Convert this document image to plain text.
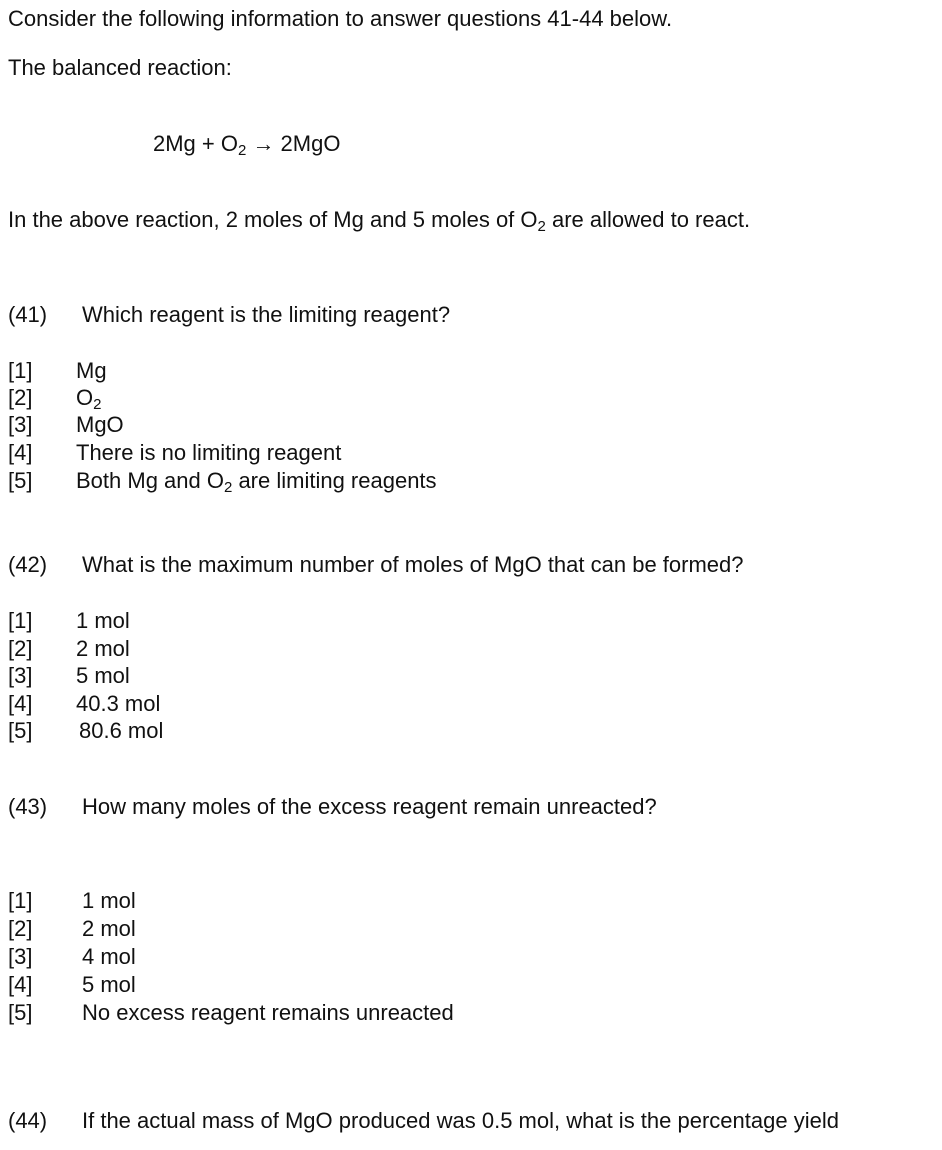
Consider the following information to answer questions 41-44 below.
The balanced reaction:
2Mg + O2 → 2MgO
In the above reaction, 2 moles of Mg and 5 moles of O2 are allowed to react.
(41) Which reagent is the limiting reagent?
[1] Mg
[2] O2
[3] MgO
[4] There is no limiting reagent
[5] Both Mg and O2 are limiting reagents
(42) What is the maximum number of moles of MgO that can be formed?
[1] 1 mol
[2] 2 mol
[3] 5 mol
[4] 40.3 mol
[5] 80.6 mol
(43) How many moles of the excess reagent remain unreacted?
[1] 1 mol
[2] 2 mol
[3] 4 mol
[4] 5 mol
[5] No excess reagent remains unreacted
(44) If the actual mass of MgO produced was 0.5 mol, what is the percentage yield
